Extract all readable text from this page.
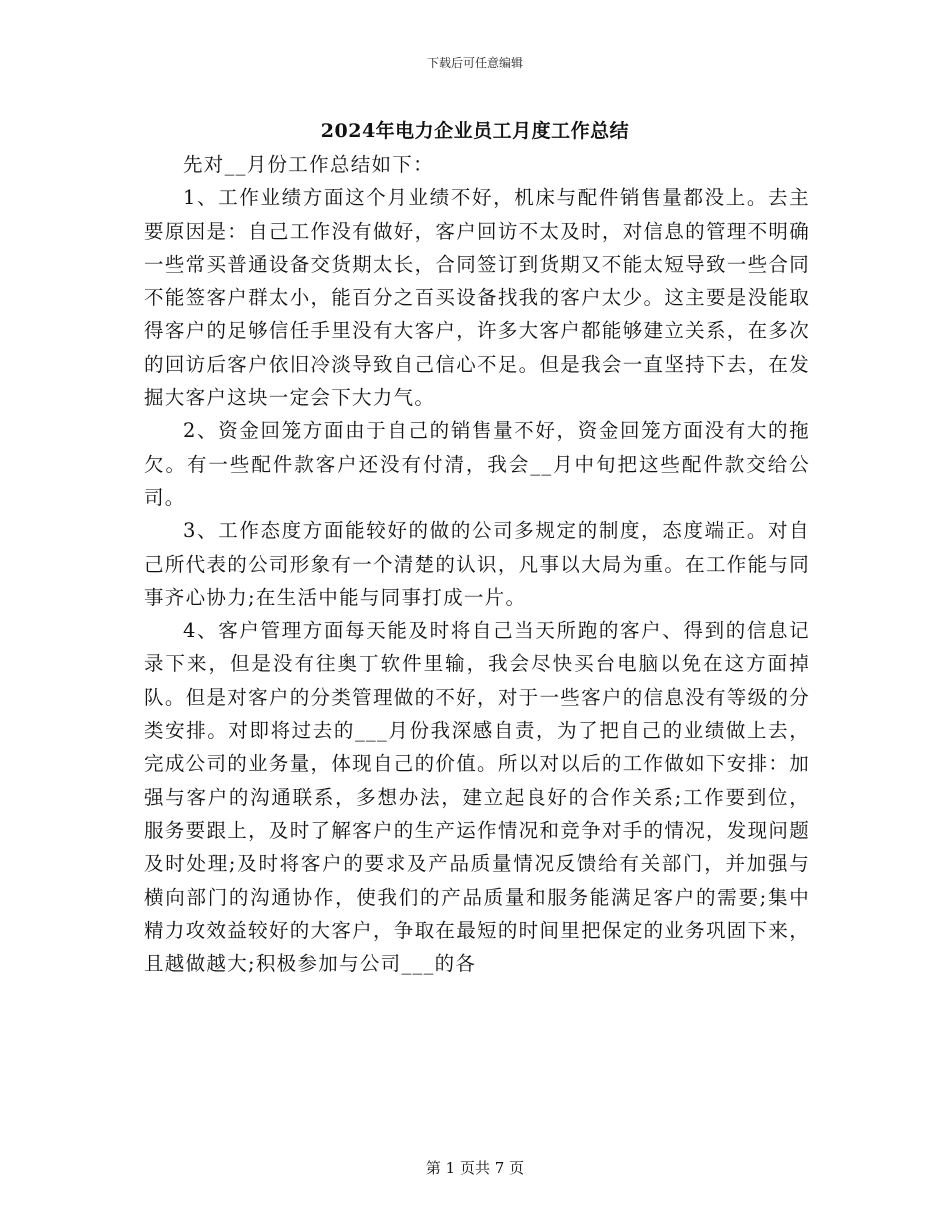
下载后可任意编辑
2024年电力企业员工月度工作总结

先对__月份工作总结如下：

1、工作业绩方面这个月业绩不好，机床与配件销售量都没上。去主要原因是：自己工作没有做好，客户回访不太及时，对信息的管理不明确一些常买普通设备交货期太长，合同签订到货期又不能太短导致一些合同不能签客户群太小，能百分之百买设备找我的客户太少。这主要是没能取得客户的足够信任手里没有大客户，许多大客户都能够建立关系，在多次的回访后客户依旧冷淡导致自己信心不足。但是我会一直坚持下去，在发掘大客户这块一定会下大力气。

2、资金回笼方面由于自己的销售量不好，资金回笼方面没有大的拖欠。有一些配件款客户还没有付清，我会__月中旬把这些配件款交给公司。

3、工作态度方面能较好的做的公司多规定的制度，态度端正。对自己所代表的公司形象有一个清楚的认识，凡事以大局为重。在工作能与同事齐心协力;在生活中能与同事打成一片。

4、客户管理方面每天能及时将自己当天所跑的客户、得到的信息记录下来，但是没有往奥丁软件里输，我会尽快买台电脑以免在这方面掉队。但是对客户的分类管理做的不好，对于一些客户的信息没有等级的分类安排。对即将过去的___月份我深感自责，为了把自己的业绩做上去，完成公司的业务量，体现自己的价值。所以对以后的工作做如下安排：加强与客户的沟通联系，多想办法，建立起良好的合作关系;工作要到位，服务要跟上，及时了解客户的生产运作情况和竞争对手的情况，发现问题及时处理;及时将客户的要求及产品质量情况反馈给有关部门，并加强与横向部门的沟通协作，使我们的产品质量和服务能满足客户的需要;集中精力攻效益较好的大客户，争取在最短的时间里把保定的业务巩固下来，且越做越大;积极参加与公司___的各

第 1 页共 7 页
